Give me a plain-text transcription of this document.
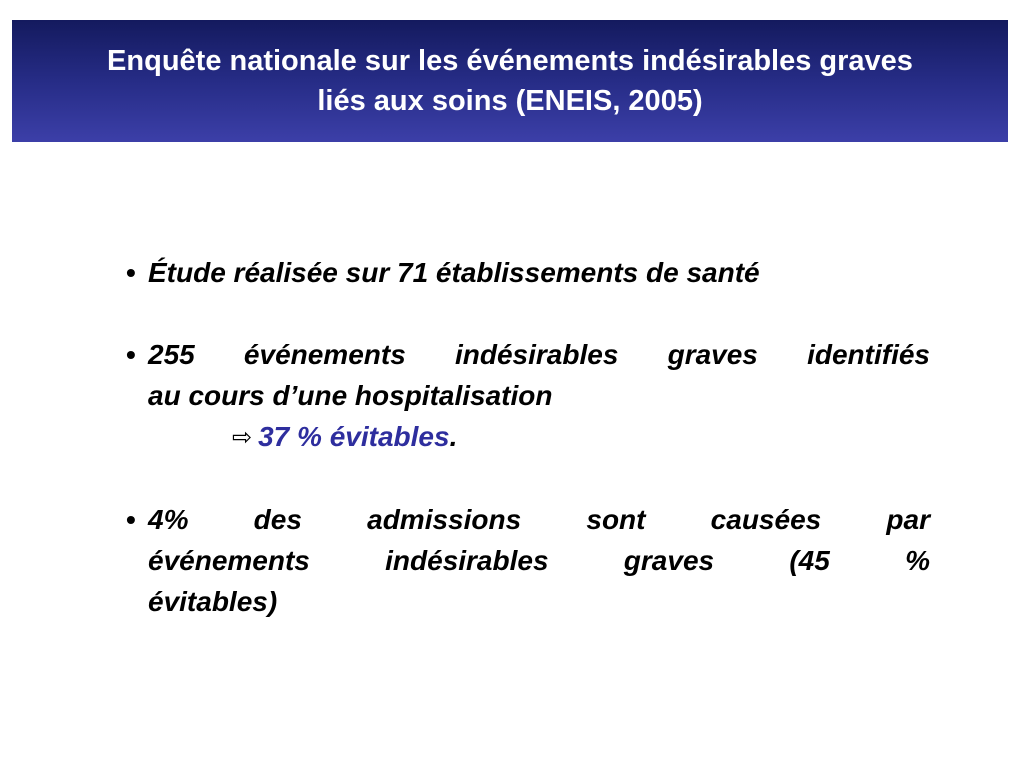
Enquête nationale sur les événements indésirables graves
liés aux soins (ENEIS, 2005)
• Étude réalisée sur 71 établissements de santé
• 255 événements indésirables graves identifiés
au cours d’une hospitalisation
⇨ 37 % évitables.
• 4% des admissions sont causées par
événements indésirables graves (45 %
évitables)
